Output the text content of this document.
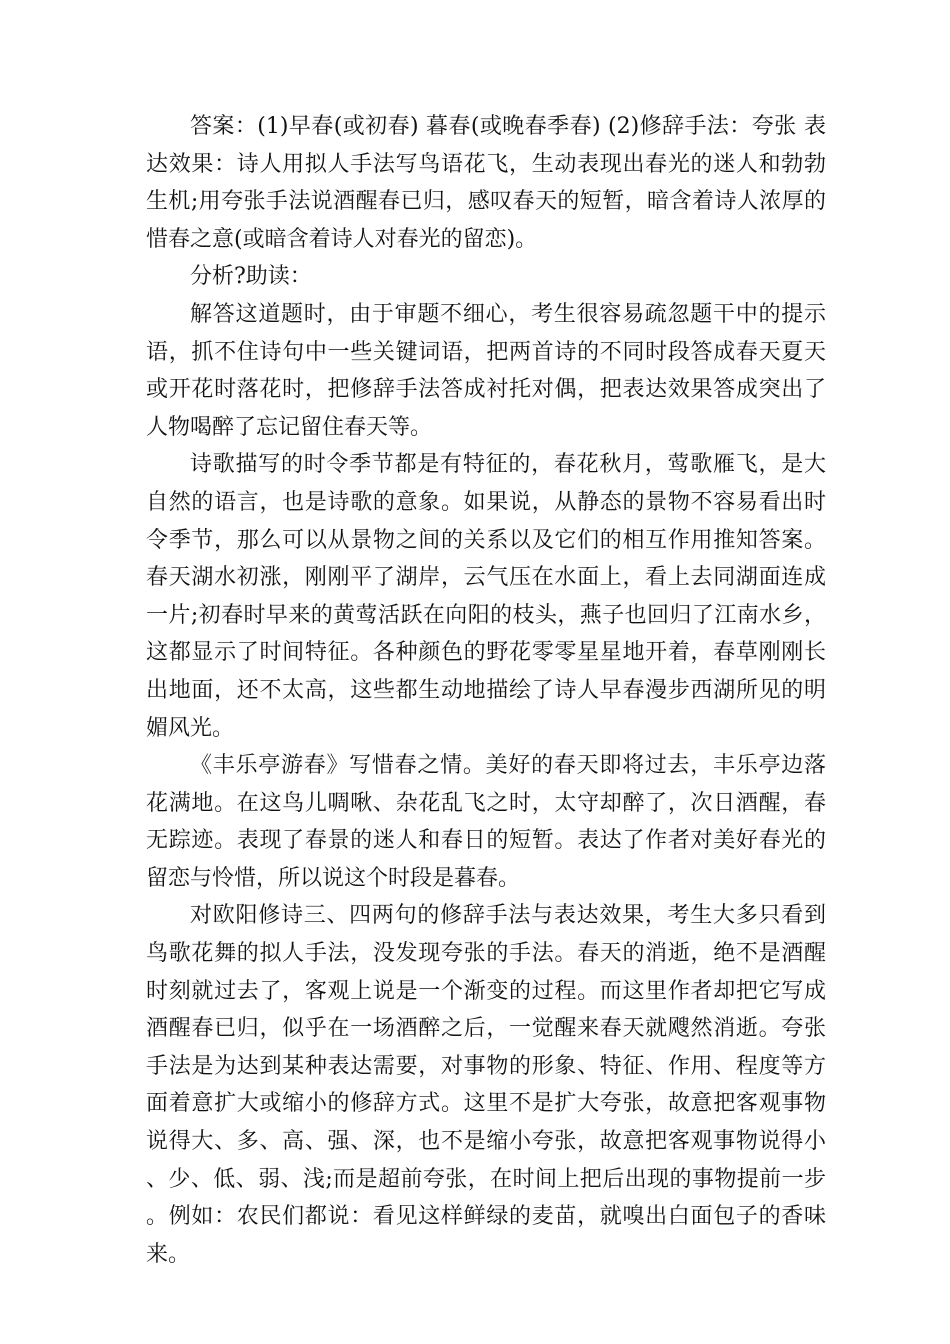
答案：(1)早春(或初春) 暮春(或晚春季春) (2)修辞手法：夸张 表达效果：诗人用拟人手法写鸟语花飞，生动表现出春光的迷人和勃勃生机;用夸张手法说酒醒春已归，感叹春天的短暂，暗含着诗人浓厚的惜春之意(或暗含着诗人对春光的留恋)。

分析?助读：

解答这道题时，由于审题不细心，考生很容易疏忽题干中的提示语，抓不住诗句中一些关键词语，把两首诗的不同时段答成春天夏天或开花时落花时，把修辞手法答成衬托对偶，把表达效果答成突出了人物喝醉了忘记留住春天等。

诗歌描写的时令季节都是有特征的，春花秋月，莺歌雁飞，是大自然的语言，也是诗歌的意象。如果说，从静态的景物不容易看出时令季节，那么可以从景物之间的关系以及它们的相互作用推知答案。春天湖水初涨，刚刚平了湖岸，云气压在水面上，看上去同湖面连成一片;初春时早来的黄莺活跃在向阳的枝头，燕子也回归了江南水乡，这都显示了时间特征。各种颜色的野花零零星星地开着，春草刚刚长出地面，还不太高，这些都生动地描绘了诗人早春漫步西湖所见的明媚风光。

《丰乐亭游春》写惜春之情。美好的春天即将过去，丰乐亭边落花满地。在这鸟儿啁啾、杂花乱飞之时，太守却醉了，次日酒醒，春无踪迹。表现了春景的迷人和春日的短暂。表达了作者对美好春光的留恋与怜惜，所以说这个时段是暮春。

对欧阳修诗三、四两句的修辞手法与表达效果，考生大多只看到鸟歌花舞的拟人手法，没发现夸张的手法。春天的消逝，绝不是酒醒时刻就过去了，客观上说是一个渐变的过程。而这里作者却把它写成酒醒春已归，似乎在一场酒醉之后，一觉醒来春天就飕然消逝。夸张手法是为达到某种表达需要，对事物的形象、特征、作用、程度等方面着意扩大或缩小的修辞方式。这里不是扩大夸张，故意把客观事物说得大、多、高、强、深，也不是缩小夸张，故意把客观事物说得小、少、低、弱、浅;而是超前夸张，在时间上把后出现的事物提前一步。例如：农民们都说：看见这样鲜绿的麦苗，就嗅出白面包子的香味来。
